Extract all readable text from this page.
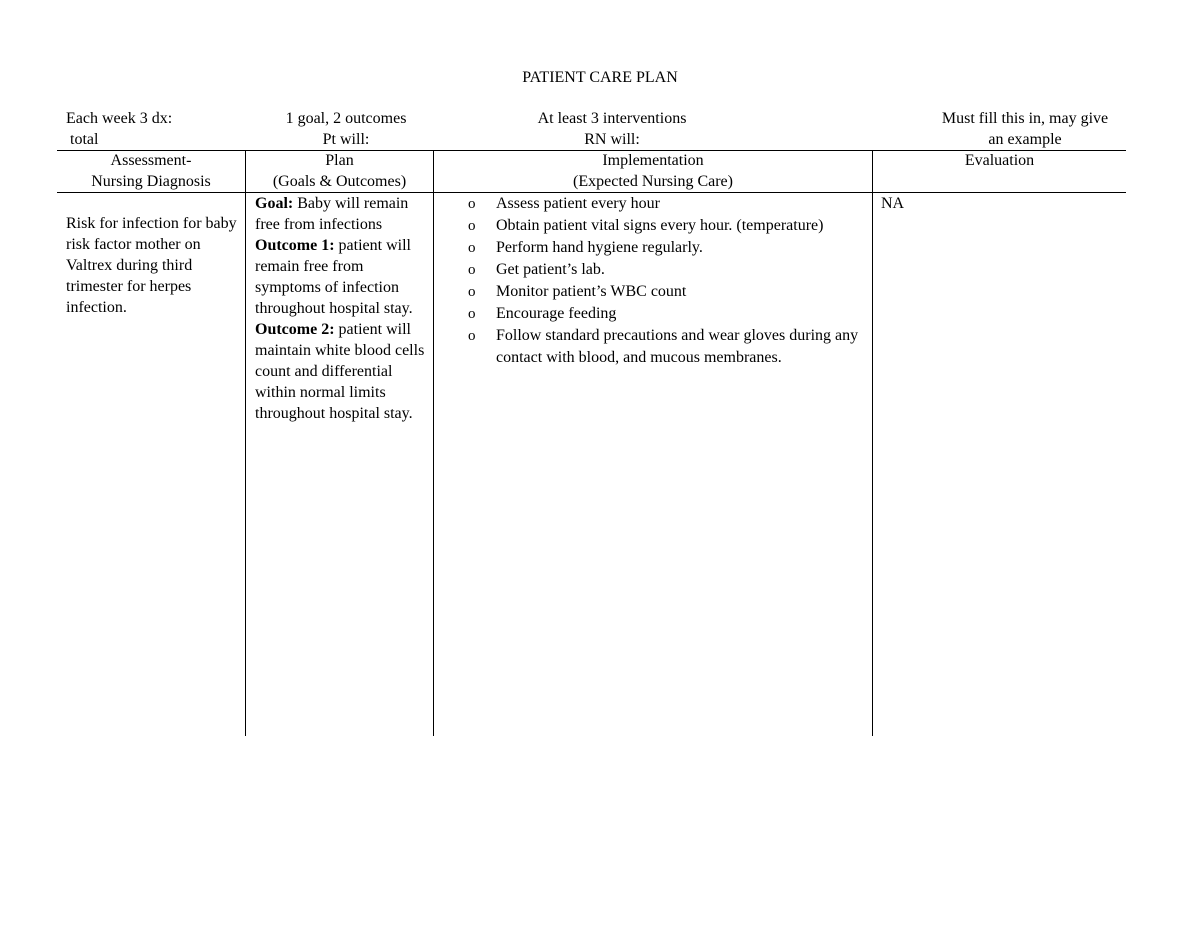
PATIENT CARE PLAN
Each week 3 dx:
total
1 goal, 2 outcomes
Pt will:
At least 3 interventions
RN will:
Must fill this in, may give
an example
Assessment-
Nursing Diagnosis
Plan
(Goals & Outcomes)
Implementation
(Expected Nursing Care)
Evaluation
Risk for infection for baby risk factor mother on Valtrex during third trimester for herpes infection.
Goal: Baby will remain free from infections
Outcome 1: patient will remain free from symptoms of infection throughout hospital stay.
Outcome 2: patient will maintain white blood cells count and differential within normal limits throughout hospital stay.
o Assess patient every hour
o Obtain patient vital signs every hour. (temperature)
o Perform hand hygiene regularly.
o Get patient’s lab.
o Monitor patient’s WBC count
o Encourage feeding
o Follow standard precautions and wear gloves during any contact with blood, and mucous membranes.
NA
